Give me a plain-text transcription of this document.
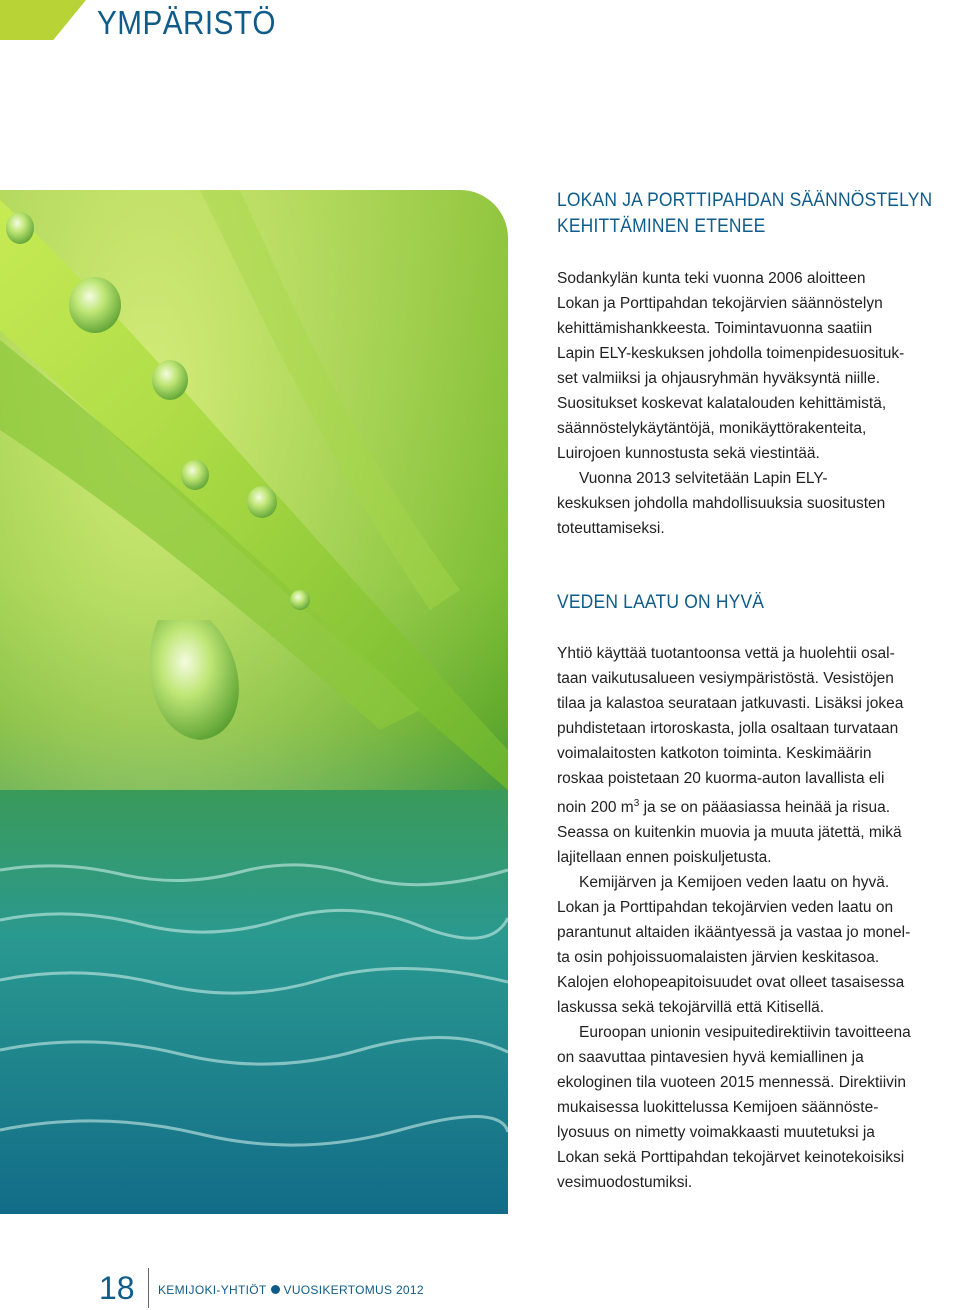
YMPÄRISTÖ
LOKAN JA PORTTIPAHDAN SÄÄNNÖSTELYN
KEHITTÄMINEN ETENEE

Sodankylän kunta teki vuonna 2006 aloitteen

Lokan ja Porttipahdan tekojärvien säännöstelyn

kehittämishankkeesta. Toimintavuonna saatiin

Lapin ELY-keskuksen johdolla toimenpidesuosituk-

set valmiiksi ja ohjausryhmän hyväksyntä niille.

Suositukset koskevat kalatalouden kehittämistä,

säännöstelykäytäntöjä, monikäyttörakenteita,

Luirojoen kunnostusta sekä viestintää.

Vuonna 2013 selvitetään Lapin ELY-

keskuksen johdolla mahdollisuuksia suositusten

toteuttamiseksi.

VEDEN LAATU ON HYVÄ

Yhtiö käyttää tuotantoonsa vettä ja huolehtii osal-

taan vaikutusalueen vesiympäristöstä. Vesistöjen

tilaa ja kalastoa seurataan jatkuvasti. Lisäksi jokea

puhdistetaan irtoroskasta, jolla osaltaan turvataan

voimalaitosten katkoton toiminta. Keskimäärin

roskaa poistetaan 20 kuorma-auton lavallista eli

noin 200 $m^3$ ja se on pääasiassa heinää ja risua.

Seassa on kuitenkin muovia ja muuta jätettä, mikä

lajitellaan ennen poiskuljetusta.

Kemijärven ja Kemijoen veden laatu on hyvä.

Lokan ja Porttipahdan tekojärvien veden laatu on

parantunut altaiden ikääntyessä ja vastaa jo monel-

ta osin pohjoissuomalaisten järvien keskitasoa.

Kalojen elohopeapitoisuudet ovat olleet tasaisessa

laskussa sekä tekojärvillä että Kitisellä.

Euroopan unionin vesipuitedirektiivin tavoitteena

on saavuttaa pintavesien hyvä kemiallinen ja

ekologinen tila vuoteen 2015 mennessä. Direktiivin

mukaisessa luokittelussa Kemijoen säännöste-

lyosuus on nimetty voimakkaasti muutetuksi ja

Lokan sekä Porttipahdan tekojärvet keinotekoisiksi

vesimuodostumiksi.

18 KEMIJOKI-YHTIÖT VUOSIKERTOMUS 2012
